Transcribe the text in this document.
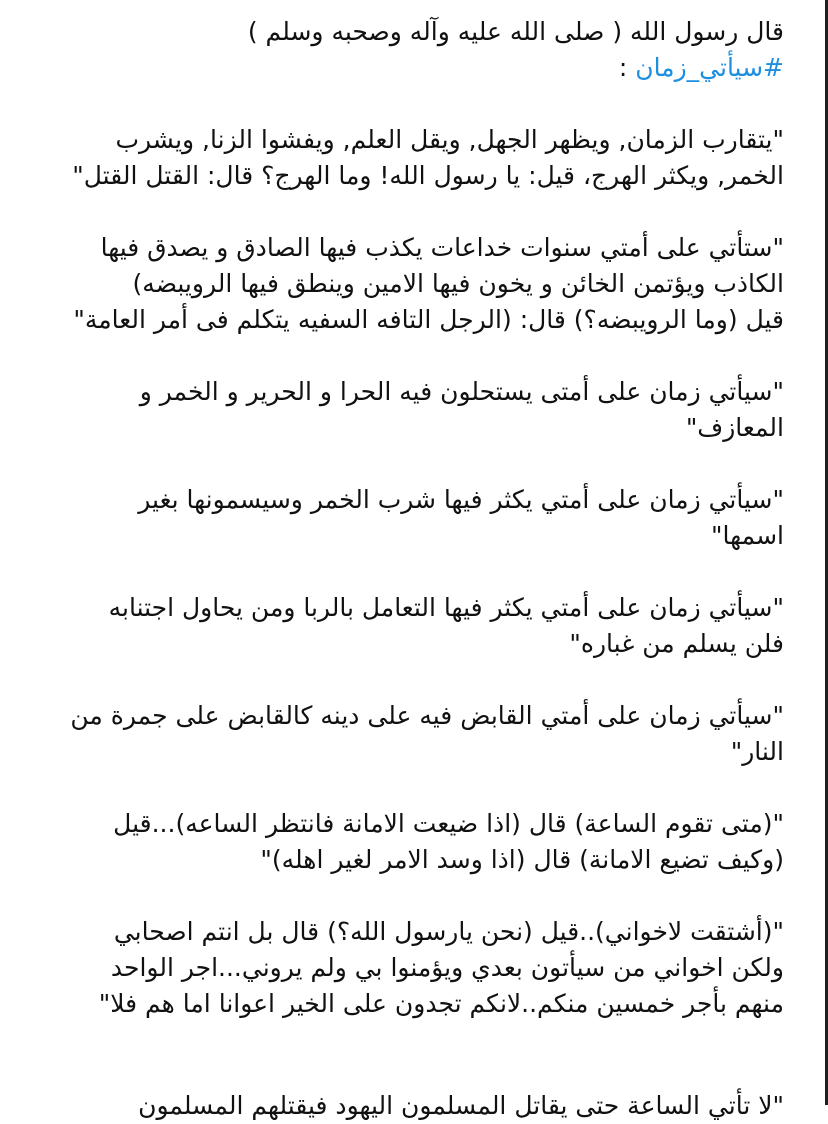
قال رسول الله ( صلى الله عليه وآله وصحبه وسلم )
#سيأتي_زمان :

"يتقارب الزمان, ويظهر الجهل, ويقل العلم, ويفشوا الزنا, ويشرب
الخمر, ويكثر الهرج، قيل: يا رسول الله! وما الهرج؟ قال: القتل القتل"

"ستأتي على أمتي سنوات خداعات يكذب فيها الصادق و يصدق فيها
الكاذب ويؤتمن الخائن و يخون فيها الامين وينطق فيها الرويبضه)
قيل (وما الرويبضه؟) قال: (الرجل التافه السفيه يتكلم فى أمر العامة"

"سيأتي زمان على أمتى يستحلون فيه الحرا و الحرير و الخمر و
المعازف"

"سيأتي زمان على أمتي يكثر فيها شرب الخمر وسيسمونها بغير
اسمها"

"سيأتي زمان على أمتي يكثر فيها التعامل بالربا ومن يحاول اجتنابه
فلن يسلم من غباره"

"سيأتي زمان على أمتي القابض فيه على دينه كالقابض على جمرة من
النار"

"(متى تقوم الساعة) قال (اذا ضيعت الامانة فانتظر الساعه)...قيل
(وكيف تضيع الامانة) قال (اذا وسد الامر لغير اهله)"

"(أشتقت لاخواني)..قيل (نحن يارسول الله؟) قال بل انتم اصحابي
ولكن اخواني من سيأتون بعدي ويؤمنوا بي ولم يروني...اجر الواحد
منهم بأجر خمسين منكم..لانكم تجدون على الخير اعوانا اما هم فلا"

"لا تأتي الساعة حتى يقاتل المسلمون اليهود فيقتلهم المسلمون
